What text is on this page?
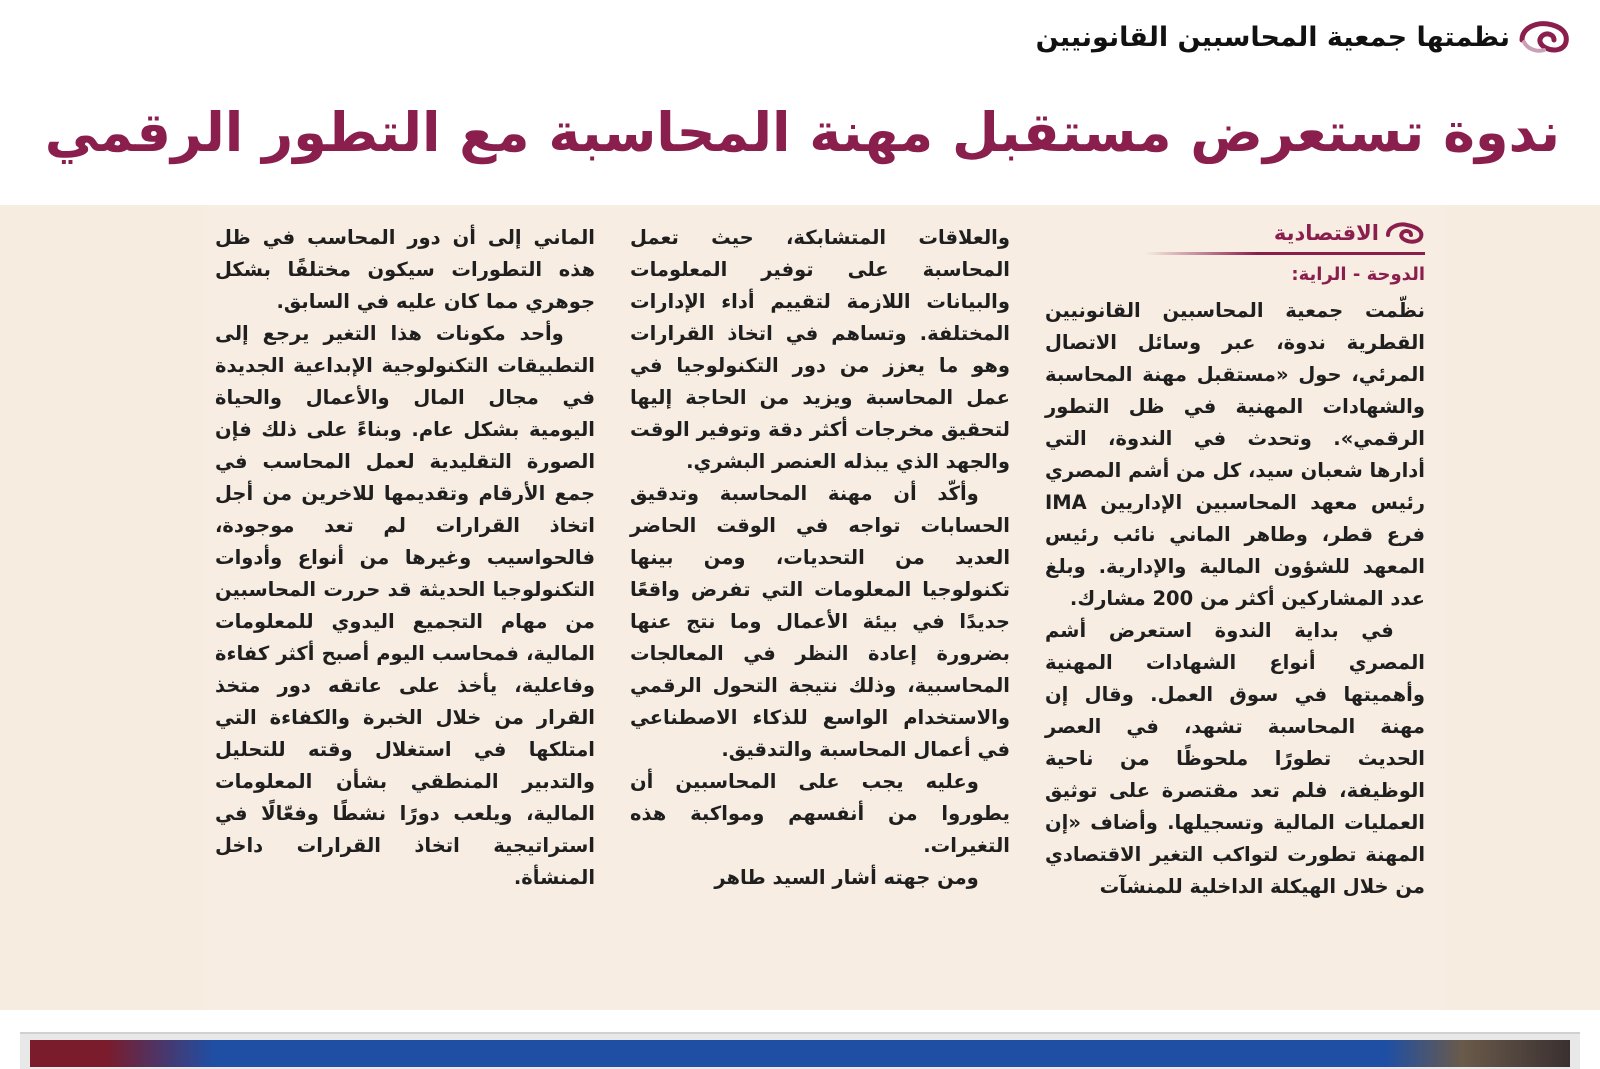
نظمتها جمعية المحاسبين القانونيين
ندوة تستعرض مستقبل مهنة المحاسبة مع التطور الرقمي
الاقتصادية
الدوحة - الراية:

نظّمت جمعية المحاسبين القانونيين القطرية ندوة، عبر وسائل الاتصال المرئي، حول «مستقبل مهنة المحاسبة والشهادات المهنية في ظل التطور الرقمي». وتحدث في الندوة، التي أدارها شعبان سيد، كل من أشم المصري رئيس معهد المحاسبين الإداريين IMA فرع قطر، وطاهر الماني نائب رئيس المعهد للشؤون المالية والإدارية. وبلغ عدد المشاركين أكثر من 200 مشارك.

في بداية الندوة استعرض أشم المصري أنواع الشهادات المهنية وأهميتها في سوق العمل. وقال إن مهنة المحاسبة تشهد، في العصر الحديث تطورًا ملحوظًا من ناحية الوظيفة، فلم تعد مقتصرة على توثيق العمليات المالية وتسجيلها. وأضاف «إن المهنة تطورت لتواكب التغير الاقتصادي من خلال الهيكلة الداخلية للمنشآت

والعلاقات المتشابكة، حيث تعمل المحاسبة على توفير المعلومات والبيانات اللازمة لتقييم أداء الإدارات المختلفة. وتساهم في اتخاذ القرارات وهو ما يعزز من دور التكنولوجيا في عمل المحاسبة ويزيد من الحاجة إليها لتحقيق مخرجات أكثر دقة وتوفير الوقت والجهد الذي يبذله العنصر البشري.

وأكّد أن مهنة المحاسبة وتدقيق الحسابات تواجه في الوقت الحاضر العديد من التحديات، ومن بينها تكنولوجيا المعلومات التي تفرض واقعًا جديدًا في بيئة الأعمال وما نتج عنها بضرورة إعادة النظر في المعالجات المحاسبية، وذلك نتيجة التحول الرقمي والاستخدام الواسع للذكاء الاصطناعي في أعمال المحاسبة والتدقيق.

وعليه يجب على المحاسبين أن يطوروا من أنفسهم ومواكبة هذه التغيرات.

ومن جهته أشار السيد طاهر

الماني إلى أن دور المحاسب في ظل هذه التطورات سيكون مختلفًا بشكل جوهري مما كان عليه في السابق.

وأحد مكونات هذا التغير يرجع إلى التطبيقات التكنولوجية الإبداعية الجديدة في مجال المال والأعمال والحياة اليومية بشكل عام. وبناءً على ذلك فإن الصورة التقليدية لعمل المحاسب في جمع الأرقام وتقديمها للاخرين من أجل اتخاذ القرارات لم تعد موجودة، فالحواسيب وغيرها من أنواع وأدوات التكنولوجيا الحديثة قد حررت المحاسبين من مهام التجميع اليدوي للمعلومات المالية، فمحاسب اليوم أصبح أكثر كفاءة وفاعلية، يأخذ على عاتقه دور متخذ القرار من خلال الخبرة والكفاءة التي امتلكها في استغلال وقته للتحليل والتدبير المنطقي بشأن المعلومات المالية، ويلعب دورًا نشطًا وفعّالًا في استراتيجية اتخاذ القرارات داخل المنشأة.
